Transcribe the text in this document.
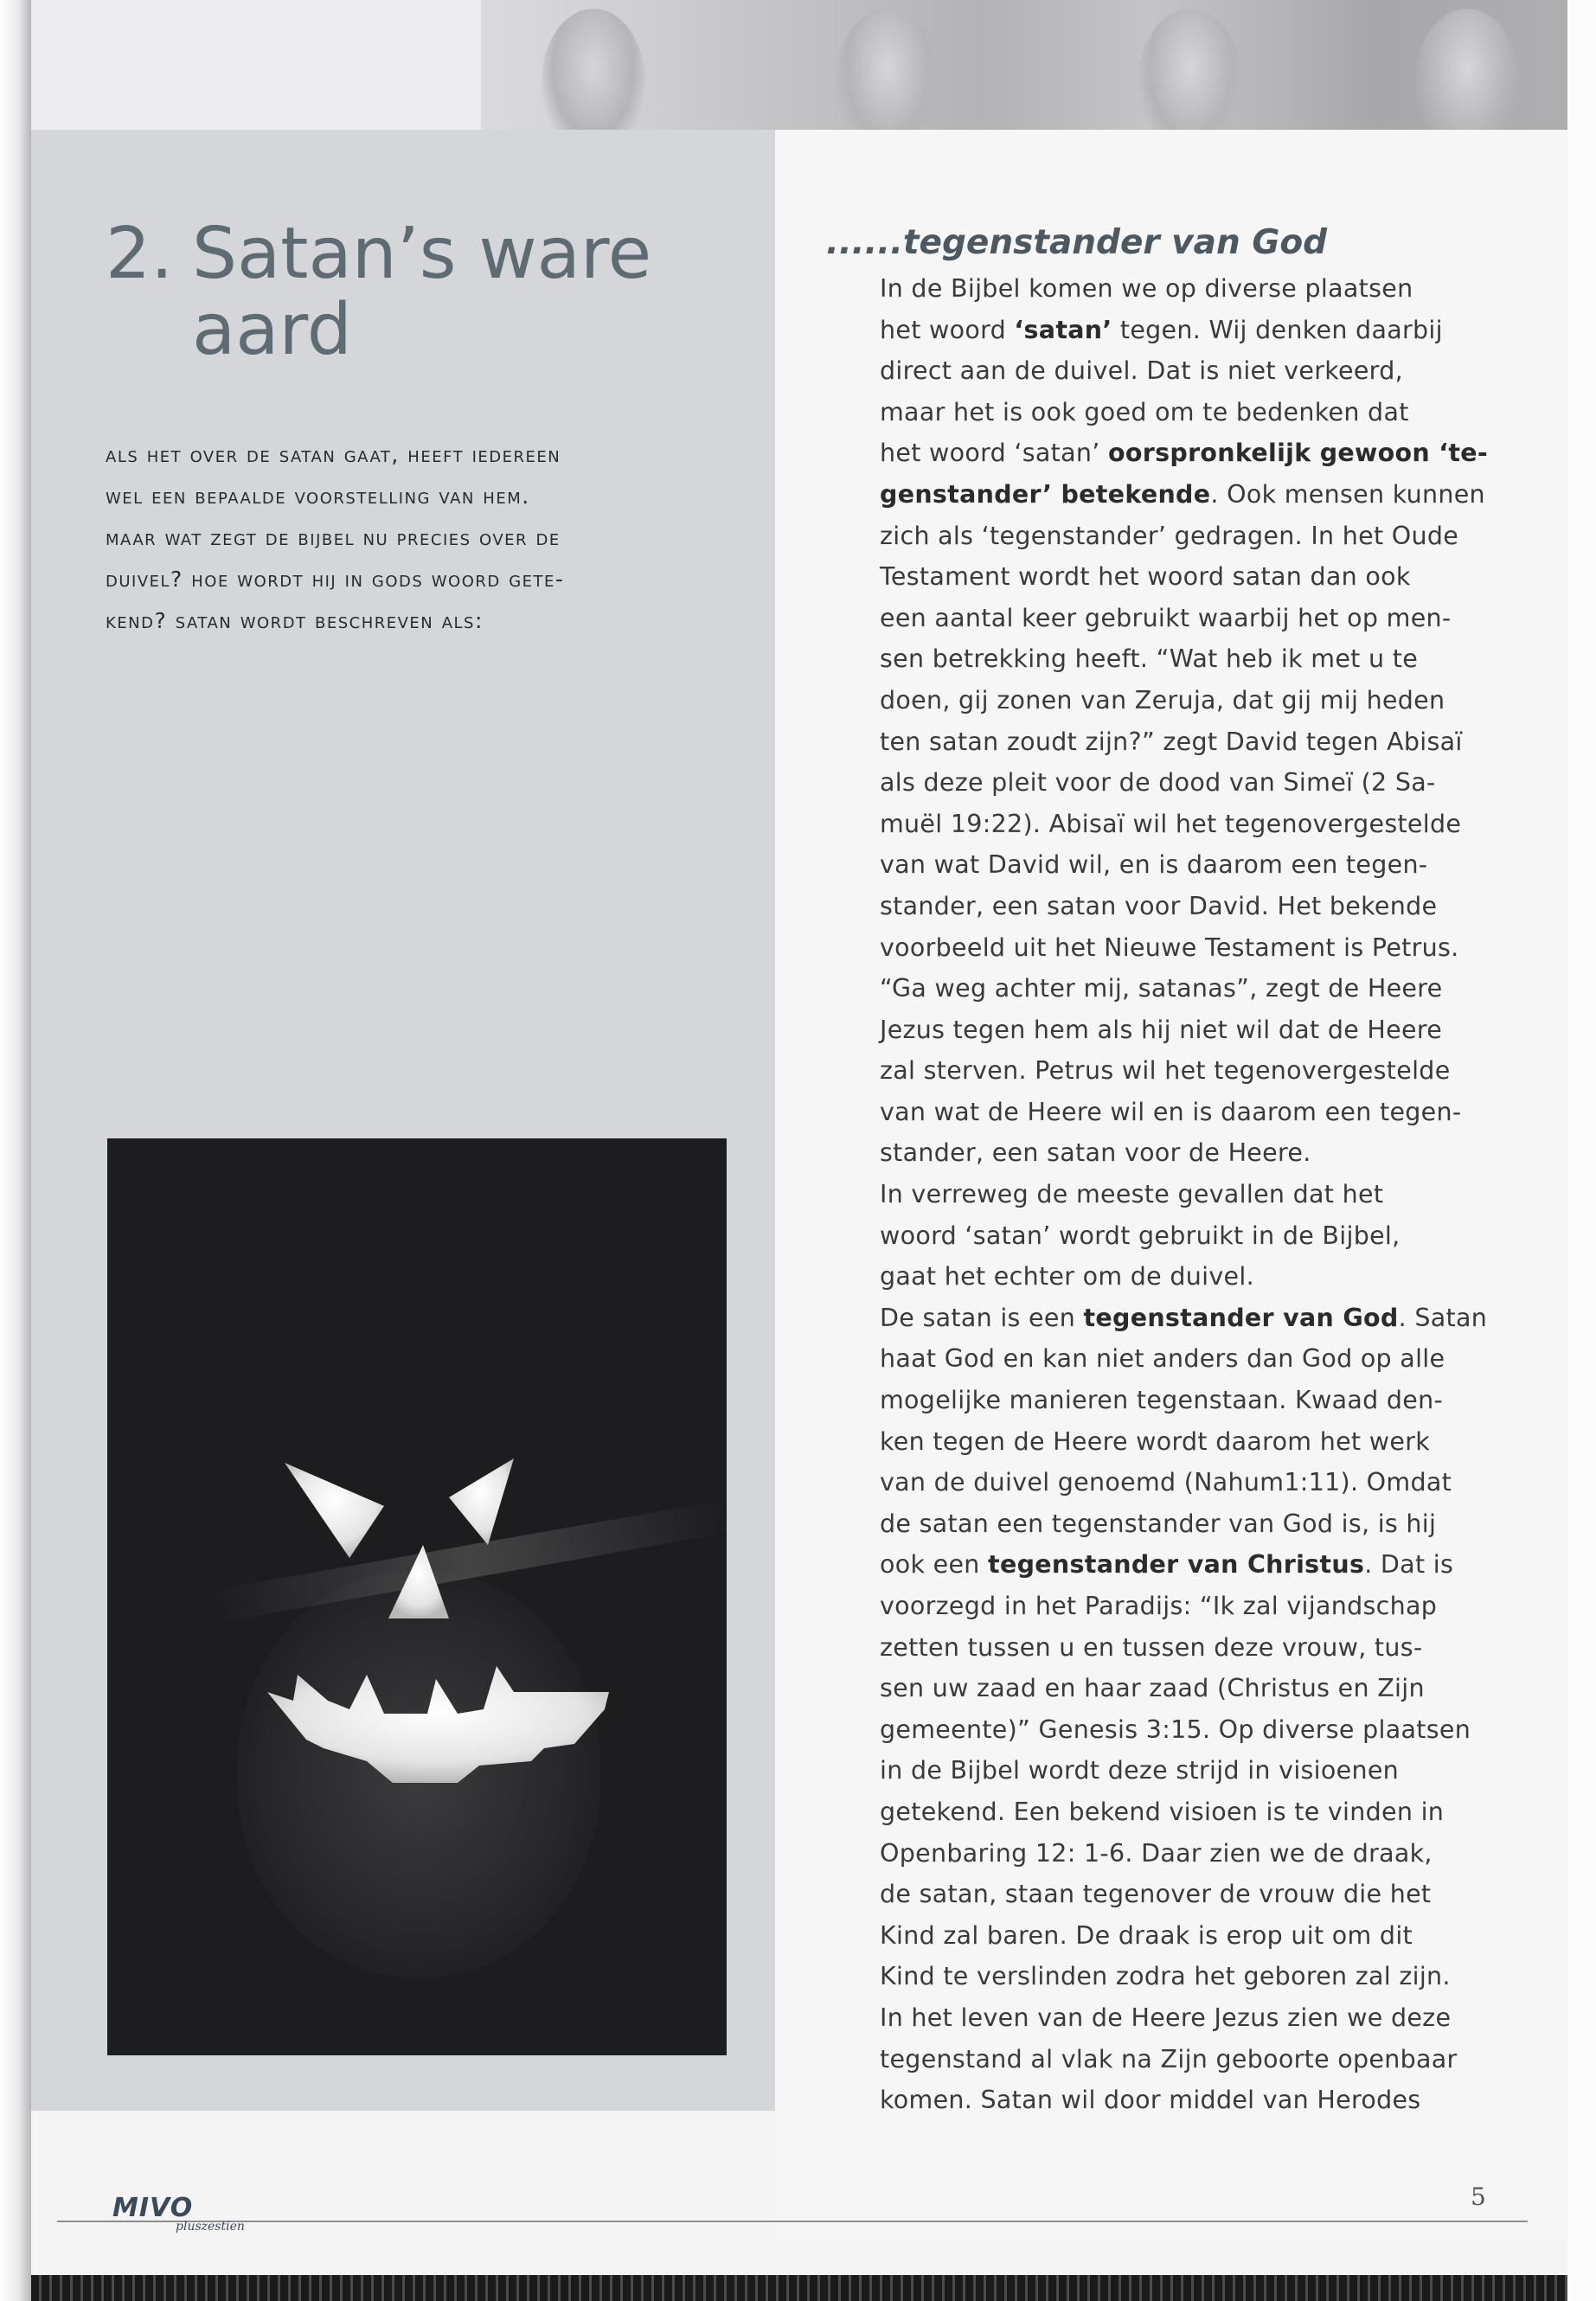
2. Satan’s ware
aard
als het over de satan gaat, heeft iedereen
wel een bepaalde voorstelling van hem.
maar wat zegt de bijbel nu precies over de
duivel? hoe wordt hij in gods woord gete-
kend? satan wordt beschreven als:
......tegenstander van God
In de Bijbel komen we op diverse plaatsen
het woord ‘satan’ tegen. Wij denken daarbij
direct aan de duivel. Dat is niet verkeerd,
maar het is ook goed om te bedenken dat
het woord ‘satan’ oorspronkelijk gewoon ‘te-
genstander’ betekende. Ook mensen kunnen
zich als ‘tegenstander’ gedragen. In het Oude
Testament wordt het woord satan dan ook
een aantal keer gebruikt waarbij het op men-
sen betrekking heeft. “Wat heb ik met u te
doen, gij zonen van Zeruja, dat gij mij heden
ten satan zoudt zijn?” zegt David tegen Abisaï
als deze pleit voor de dood van Simeï (2 Sa-
muël 19:22). Abisaï wil het tegenovergestelde
van wat David wil, en is daarom een tegen-
stander, een satan voor David. Het bekende
voorbeeld uit het Nieuwe Testament is Petrus.
“Ga weg achter mij, satanas”, zegt de Heere
Jezus tegen hem als hij niet wil dat de Heere
zal sterven. Petrus wil het tegenovergestelde
van wat de Heere wil en is daarom een tegen-
stander, een satan voor de Heere.
In verreweg de meeste gevallen dat het
woord ‘satan’ wordt gebruikt in de Bijbel,
gaat het echter om de duivel.
De satan is een tegenstander van God. Satan
haat God en kan niet anders dan God op alle
mogelijke manieren tegenstaan. Kwaad den-
ken tegen de Heere wordt daarom het werk
van de duivel genoemd (Nahum1:11). Omdat
de satan een tegenstander van God is, is hij
ook een tegenstander van Christus. Dat is
voorzegd in het Paradijs: “Ik zal vijandschap
zetten tussen u en tussen deze vrouw, tus-
sen uw zaad en haar zaad (Christus en Zijn
gemeente)” Genesis 3:15. Op diverse plaatsen
in de Bijbel wordt deze strijd in visioenen
getekend. Een bekend visioen is te vinden in
Openbaring 12: 1-6. Daar zien we de draak,
de satan, staan tegenover de vrouw die het
Kind zal baren. De draak is erop uit om dit
Kind te verslinden zodra het geboren zal zijn.
In het leven van de Heere Jezus zien we deze
tegenstand al vlak na Zijn geboorte openbaar
komen. Satan wil door middel van Herodes
MIVO
pluszestien
5
